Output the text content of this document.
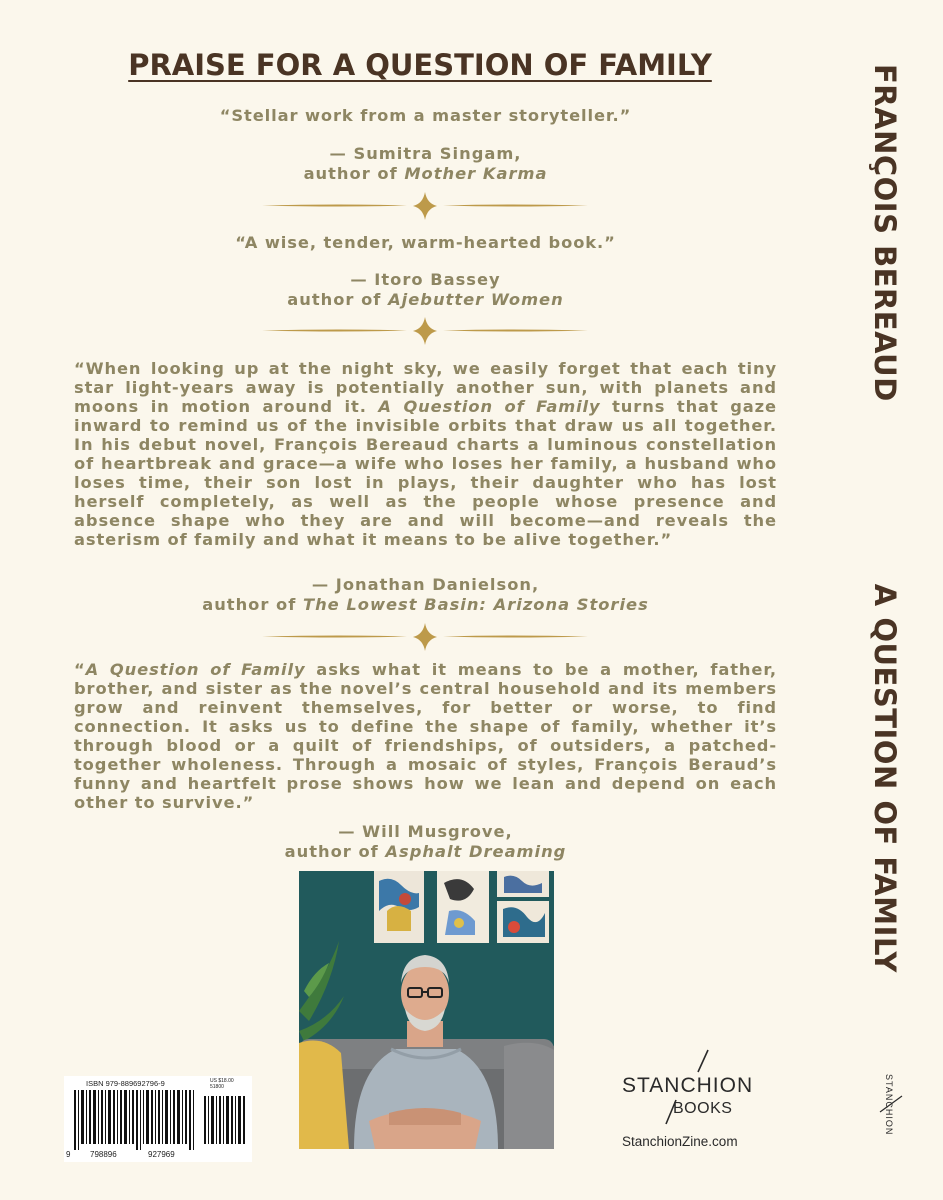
PRAISE FOR A QUESTION OF FAMILY

“Stellar work from a master storyteller.”

— Sumitra Singam,
author of Mother Karma

“A wise, tender, warm-hearted book.”

— Itoro Bassey
author of Ajebutter Women

“When looking up at the night sky, we easily forget that each tiny star light-years away is potentially another sun, with planets and moons in motion around it. A Question of Family turns that gaze inward to remind us of the invisible orbits that draw us all together. In his debut novel, François Bereaud charts a luminous constellation of heartbreak and grace—a wife who loses her family, a husband who loses time, their son lost in plays, their daughter who has lost herself completely, as well as the people whose presence and absence shape who they are and will become—and reveals the asterism of family and what it means to be alive together.”

— Jonathan Danielson,
author of The Lowest Basin: Arizona Stories

“A Question of Family asks what it means to be a mother, father, brother, and sister as the novel’s central household and its members grow and reinvent themselves, for better or worse, to find connection. It asks us to define the shape of family, whether it’s through blood or a quilt of friendships, of outsiders, a patched-together wholeness. Through a mosaic of styles, François Beraud’s funny and heartfelt prose shows how we lean and depend on each other to survive.”

— Will Musgrove,
author of Asphalt Dreaming
FRANÇOIS BEREAUDA QUESTION OF FAMILY
ISBN 979-889692796-9	US $18.00
51800
9 798896	927969
STANCHION
BOOKS
StanchionZine.com
STANCHION
